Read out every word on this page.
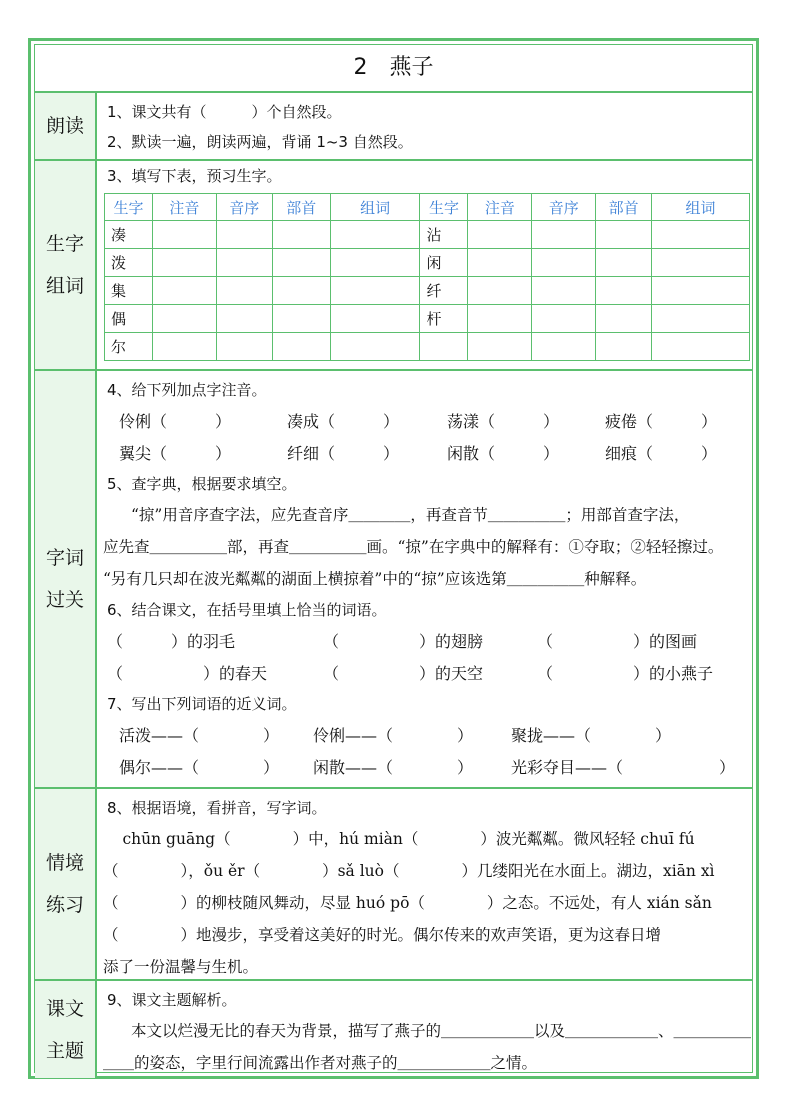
2　燕子
朗读
1、课文共有（　　　）个自然段。
2、默读一遍，朗读两遍，背诵 1~3 自然段。
生字
组词
3、填写下表，预习生字。
生字	注音	音序	部首	组词	生字	注音	音序	部首	组词
凑					沾				
泼					闲				
集					纤				
偶					杆				
尔									
字词
过关
4、给下列加点字注音。
伶俐（　　　）	凑成（　　　）	荡漾（　　　）	疲倦（　　　）
翼尖（　　　）	纤细（　　　）	闲散（　　　）	细痕（　　　）
5、查字典，根据要求填空。
“掠”用音序查字法，应先查音序＿＿＿＿，再查音节＿＿＿＿＿；用部首查字法，
应先查＿＿＿＿＿部，再查＿＿＿＿＿画。“掠”在字典中的解释有：①夺取；②轻轻擦过。
“另有几只却在波光粼粼的湖面上横掠着”中的“掠”应该选第＿＿＿＿＿种解释。
6、结合课文，在括号里填上恰当的词语。
（　　　）的羽毛	（　　　　　）的翅膀	（　　　　　）的图画
（　　　　　）的春天	（　　　　　）的天空	（　　　　　）的小燕子
7、写出下列词语的近义词。
活泼——（　　　　） 伶俐——（　　　　） 聚拢——（　　　　）
偶尔——（　　　　） 闲散——（　　　　） 光彩夺目——（　　　　　　）
情境
练习
8、根据语境，看拼音，写字词。
　chūn guāng（　　　　）中，hú miàn（　　　　）波光粼粼。微风轻轻 chuī fú
（　　　　），ǒu ěr（　　　　）sǎ luò（　　　　）几缕阳光在水面上。湖边，xiān xì
（　　　　）的柳枝随风舞动，尽显 huó pō（　　　　）之态。不远处，有人 xián sǎn
（　　　　）地漫步，享受着这美好的时光。偶尔传来的欢声笑语，更为这春日增
添了一份温馨与生机。
课文
主题
9、课文主题解析。
本文以烂漫无比的春天为背景，描写了燕子的＿＿＿＿＿＿以及＿＿＿＿＿＿、＿＿＿＿＿
＿＿的姿态，字里行间流露出作者对燕子的＿＿＿＿＿＿之情。
